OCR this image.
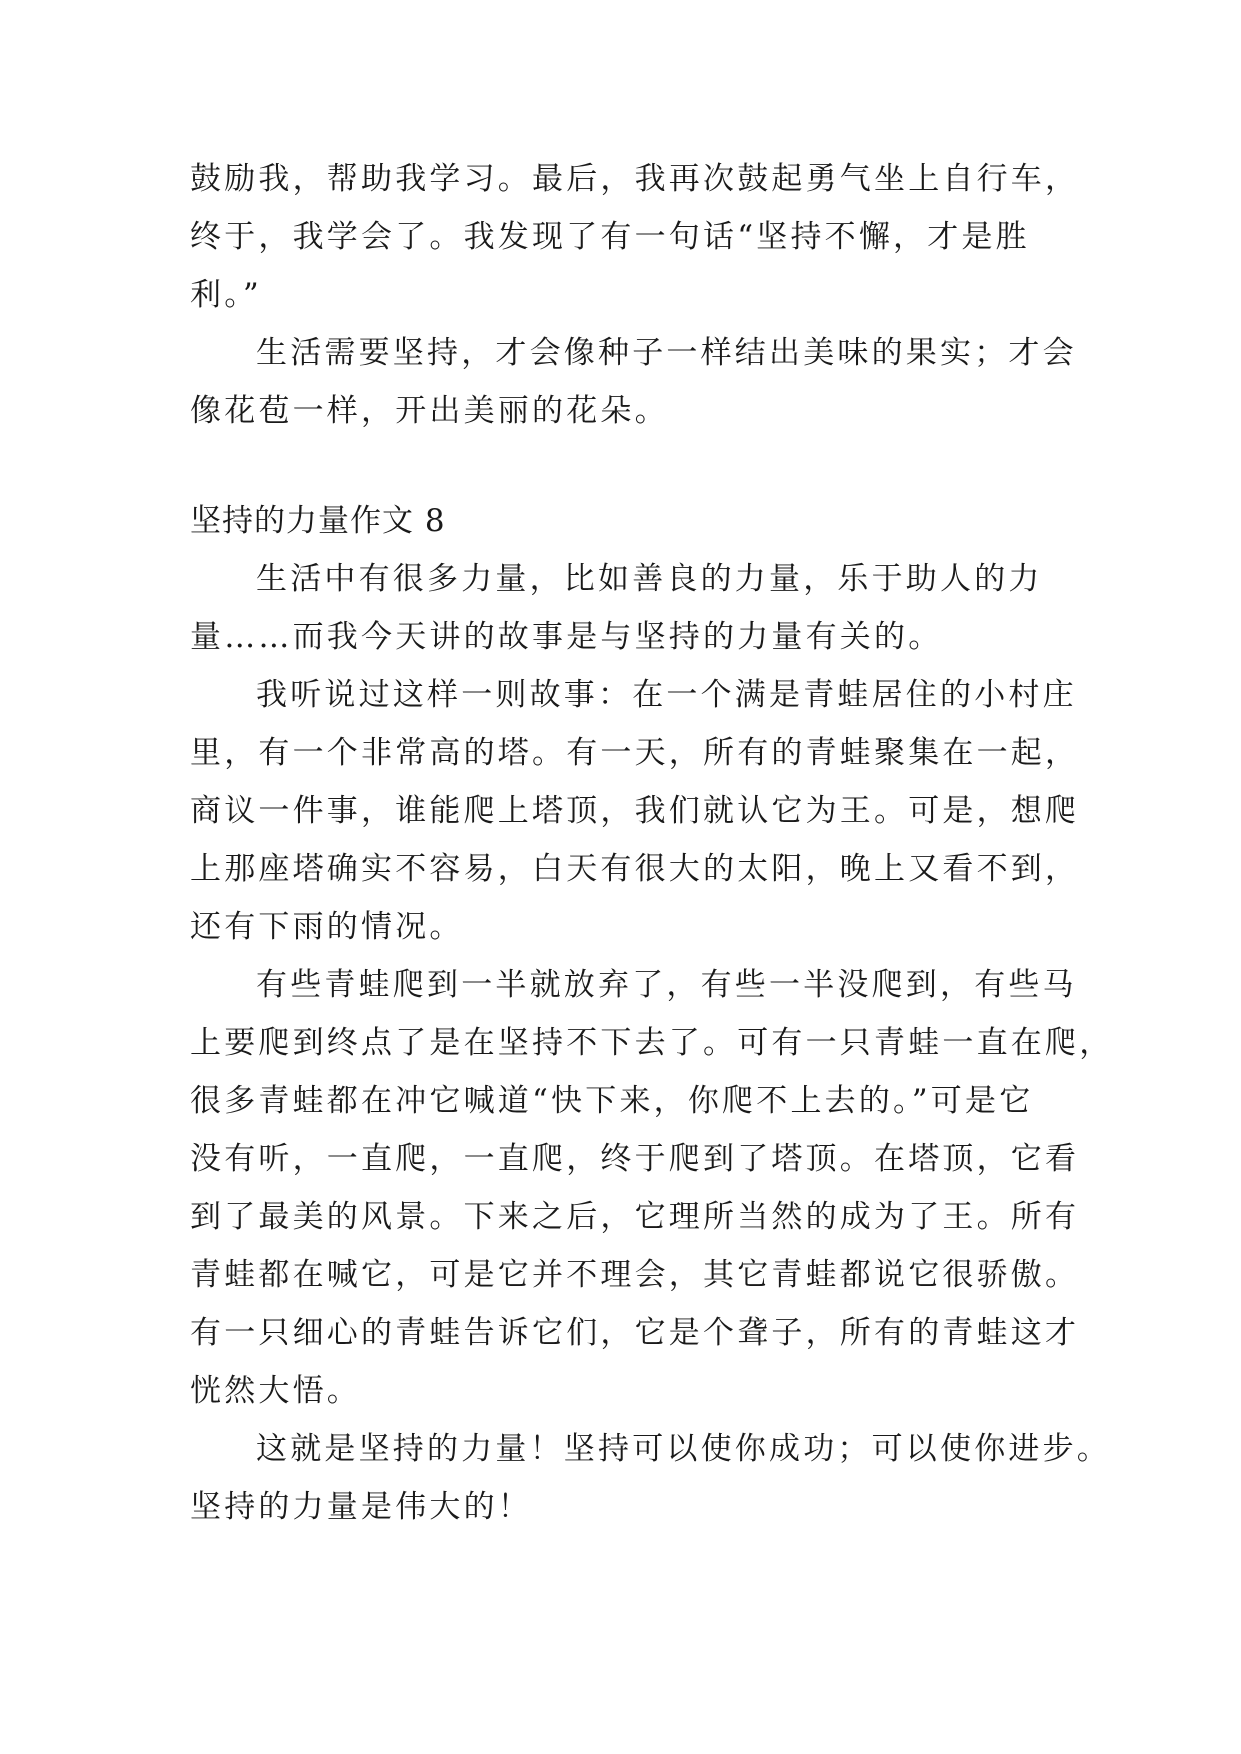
鼓励我，帮助我学习。最后，我再次鼓起勇气坐上自行车，
终于，我学会了。我发现了有一句话“坚持不懈，才是胜
利。”
生活需要坚持，才会像种子一样结出美味的果实；才会
像花苞一样，开出美丽的花朵。
坚持的力量作文 8
生活中有很多力量，比如善良的力量，乐于助人的力
量……而我今天讲的故事是与坚持的力量有关的。
我听说过这样一则故事：在一个满是青蛙居住的小村庄
里，有一个非常高的塔。有一天，所有的青蛙聚集在一起，
商议一件事，谁能爬上塔顶，我们就认它为王。可是，想爬
上那座塔确实不容易，白天有很大的太阳，晚上又看不到，
还有下雨的情况。
有些青蛙爬到一半就放弃了，有些一半没爬到，有些马
上要爬到终点了是在坚持不下去了。可有一只青蛙一直在爬，
很多青蛙都在冲它喊道“快下来，你爬不上去的。”可是它
没有听，一直爬，一直爬，终于爬到了塔顶。在塔顶，它看
到了最美的风景。下来之后，它理所当然的成为了王。所有
青蛙都在喊它，可是它并不理会，其它青蛙都说它很骄傲。
有一只细心的青蛙告诉它们，它是个聋子，所有的青蛙这才
恍然大悟。
这就是坚持的力量！坚持可以使你成功；可以使你进步。
坚持的力量是伟大的！
